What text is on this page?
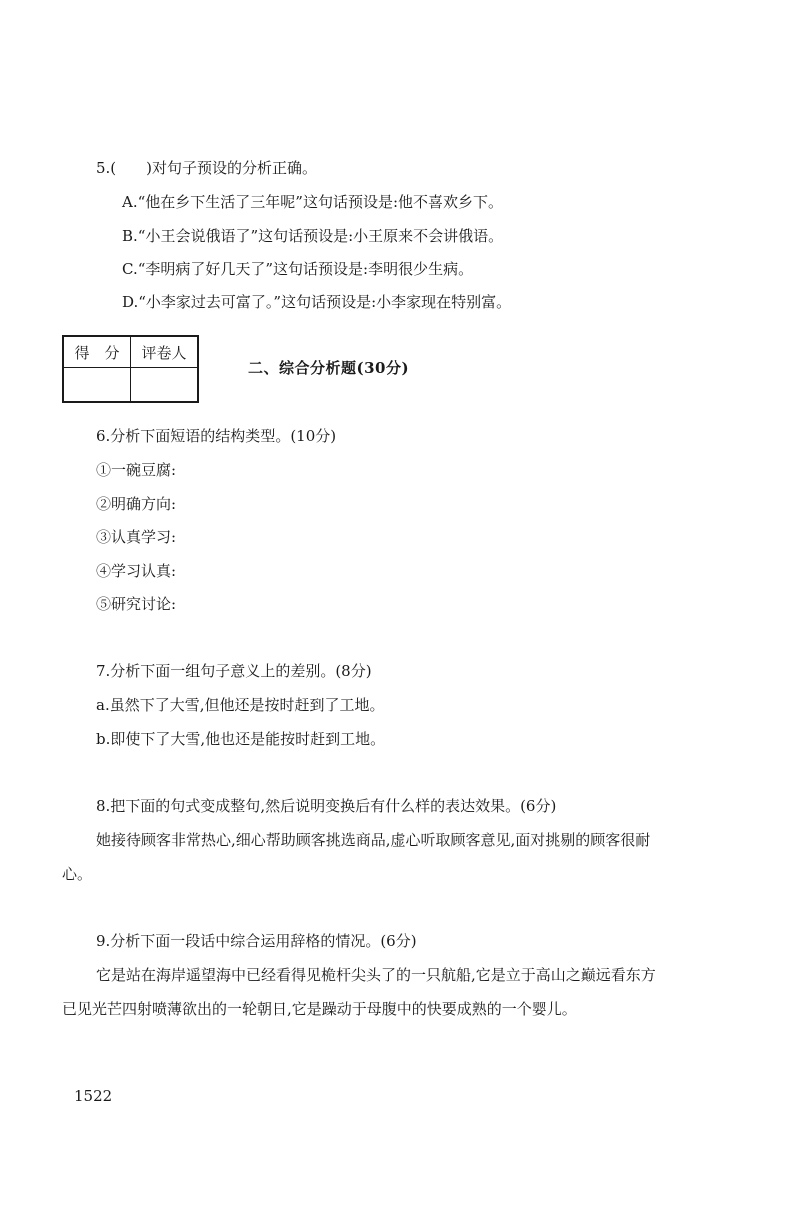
5.(　　)对句子预设的分析正确。
A.“他在乡下生活了三年呢”这句话预设是:他不喜欢乡下。
B.“小王会说俄语了”这句话预设是:小王原来不会讲俄语。
C.“李明病了好几天了”这句话预设是:李明很少生病。
D.“小李家过去可富了。”这句话预设是:小李家现在特别富。
得　分	评卷人

二、综合分析题(30分)
6.分析下面短语的结构类型。(10分)
①一碗豆腐:
②明确方向:
③认真学习:
④学习认真:
⑤研究讨论:
7.分析下面一组句子意义上的差别。(8分)
a.虽然下了大雪,但他还是按时赶到了工地。
b.即使下了大雪,他也还是能按时赶到工地。
8.把下面的句式变成整句,然后说明变换后有什么样的表达效果。(6分)
她接待顾客非常热心,细心帮助顾客挑选商品,虚心听取顾客意见,面对挑剔的顾客很耐
心。
9.分析下面一段话中综合运用辞格的情况。(6分)
它是站在海岸遥望海中已经看得见桅杆尖头了的一只航船,它是立于高山之巅远看东方
已见光芒四射喷薄欲出的一轮朝日,它是躁动于母腹中的快要成熟的一个婴儿。
1522
